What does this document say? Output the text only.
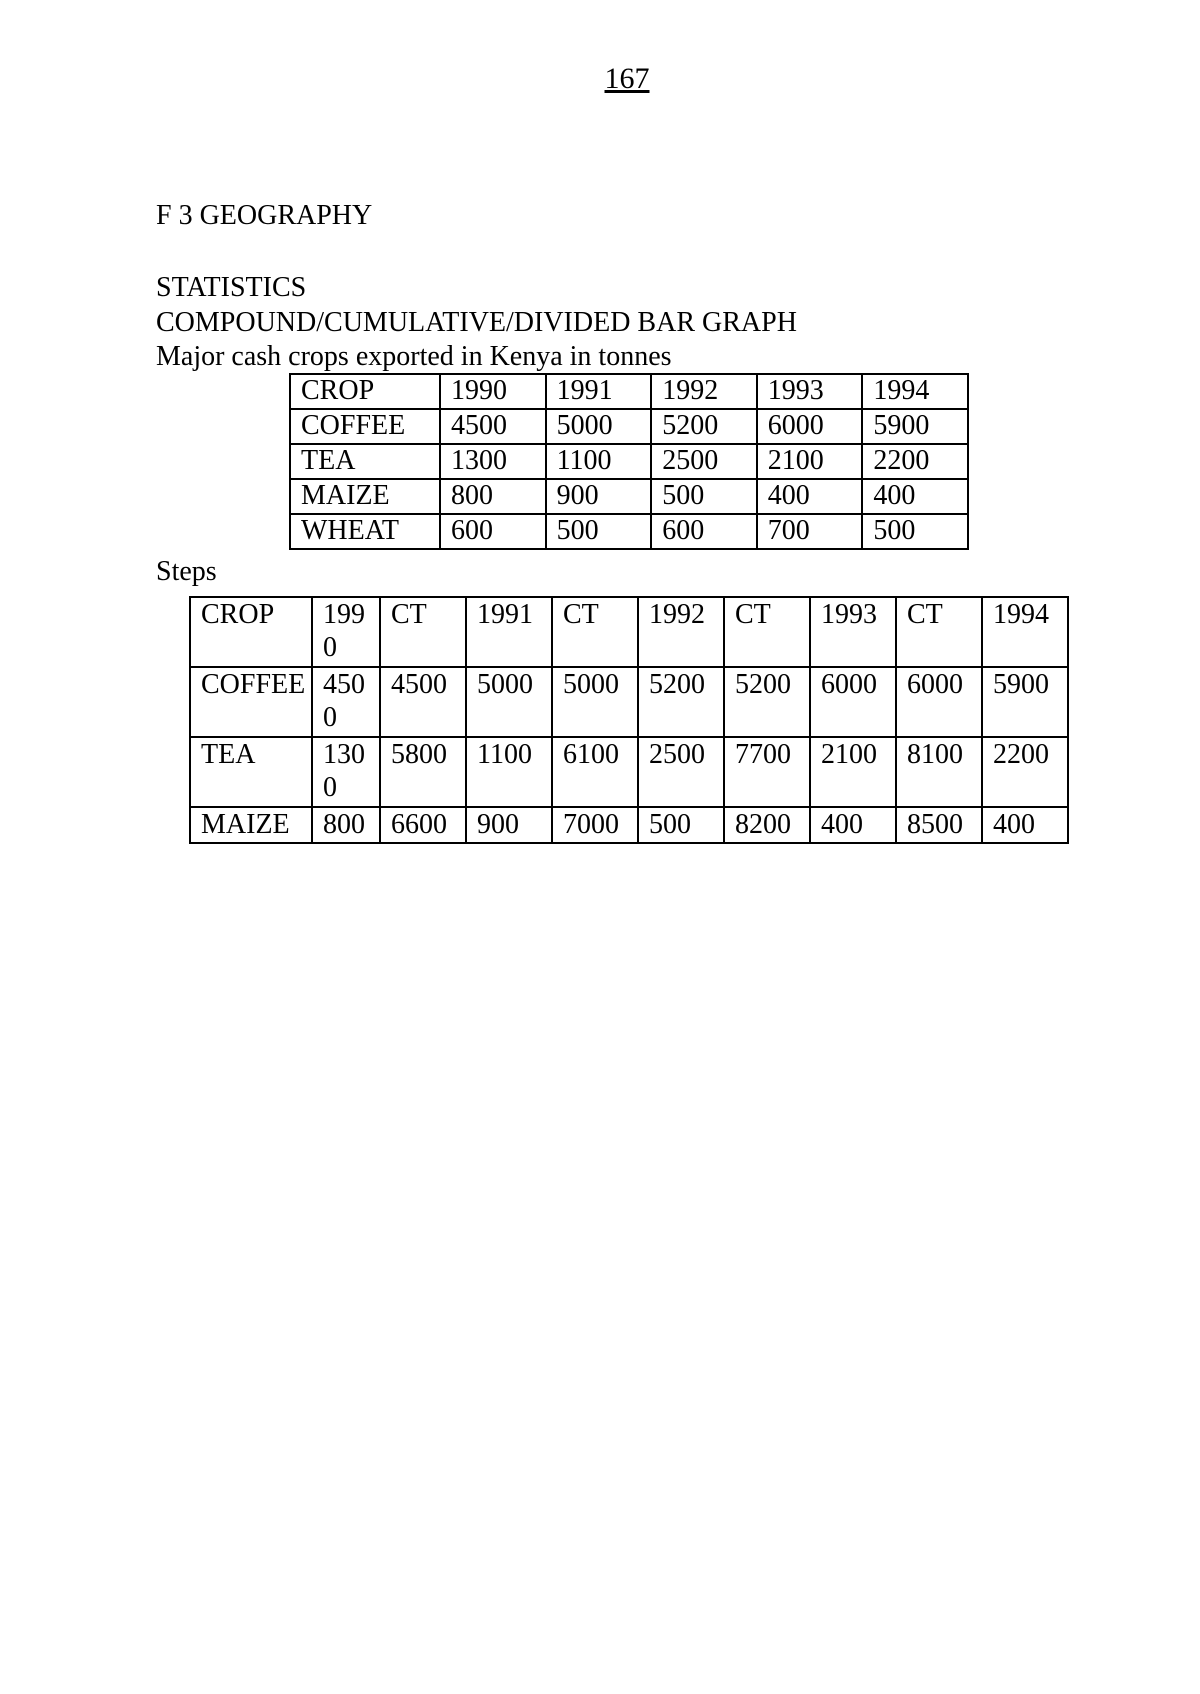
167
F 3 GEOGRAPHY
STATISTICS
COMPOUND/CUMULATIVE/DIVIDED BAR GRAPH
Major cash crops exported in Kenya in tonnes
CROP	1990	1991	1992	1993	1994
COFFEE	4500	5000	5200	6000	5900
TEA	1300	1100	2500	2100	2200
MAIZE	800	900	500	400	400
WHEAT	600	500	600	700	500
Steps
CROP	1990	CT	1991	CT	1992	CT	1993	CT	1994
COFFEE	4500	4500	5000	5000	5200	5200	6000	6000	5900
TEA	1300	5800	1100	6100	2500	7700	2100	8100	2200
MAIZE	800	6600	900	7000	500	8200	400	8500	400
